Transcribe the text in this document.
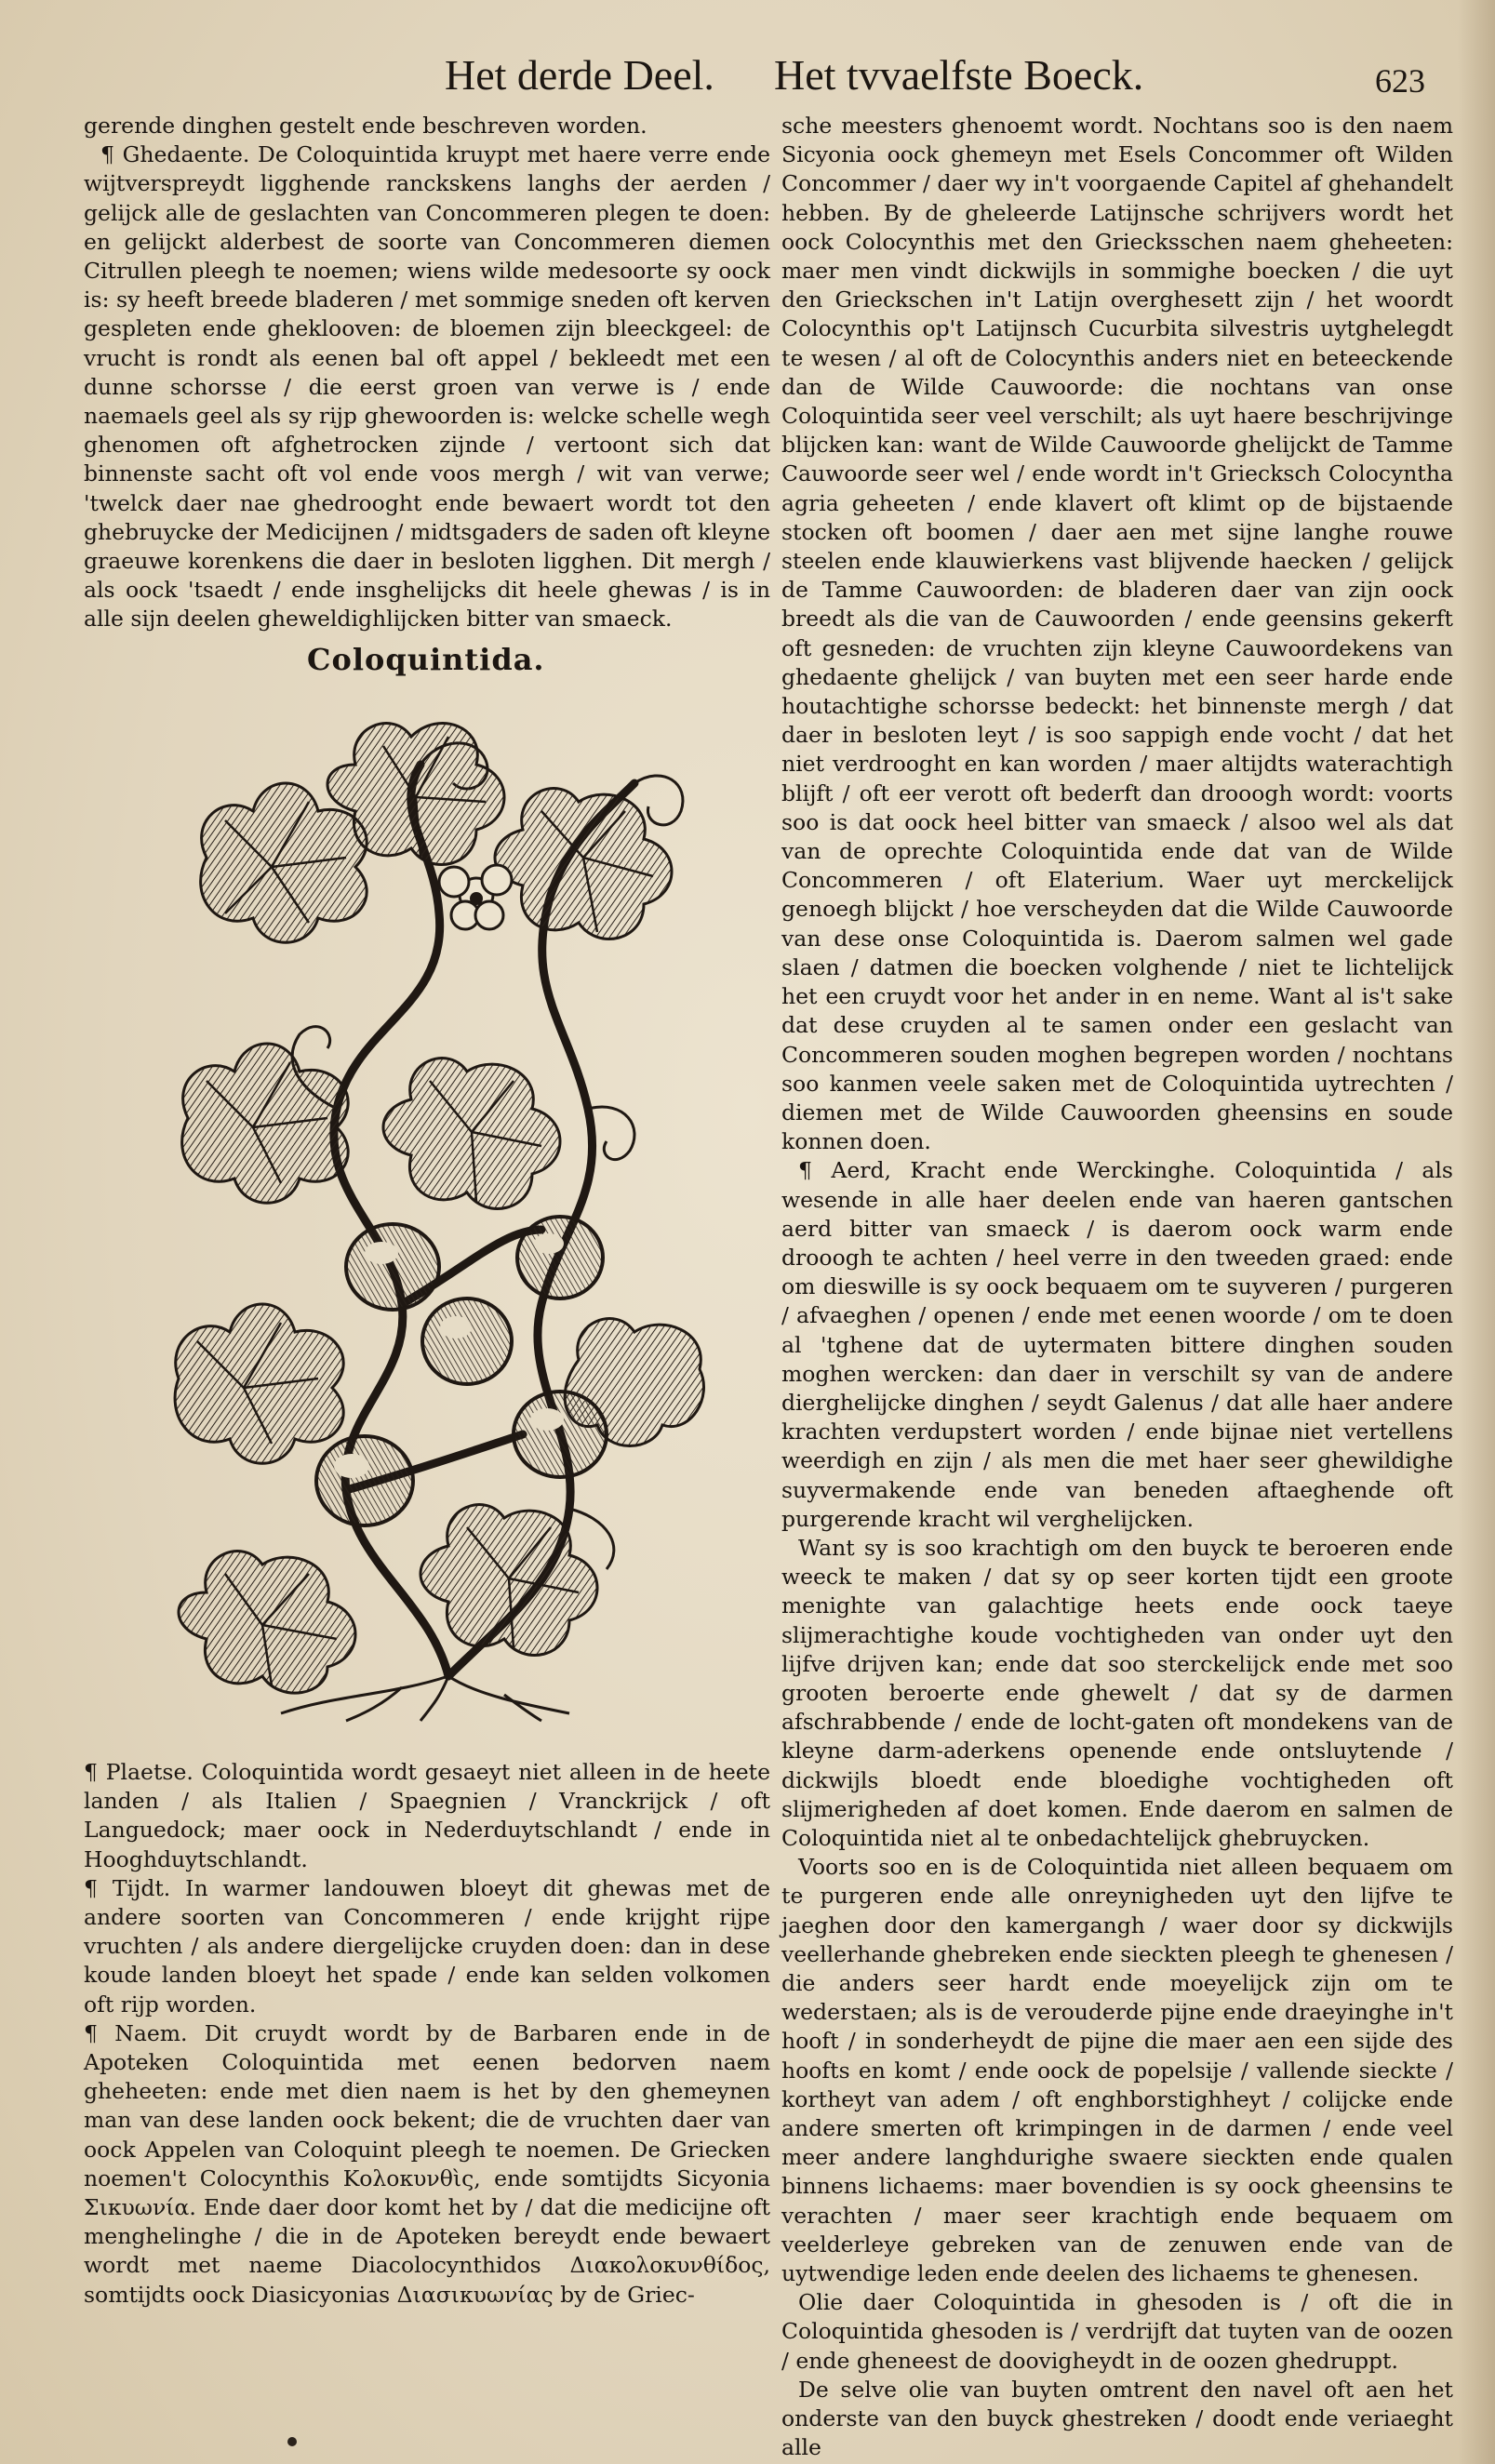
Het derde Deel. Het tvvaelfste Boeck.	623

gerende dinghen gestelt ende beschreven worden.

¶ Ghedaente. De Coloquintida kruypt met haere verre ende wijtverspreydt ligghende ranckskens langhs der aerden / gelijck alle de geslachten van Concommeren plegen te doen: en gelijckt alderbest de soorte van Concommeren diemen Citrullen pleegh te noemen; wiens wilde medesoorte sy oock is: sy heeft breede bladeren / met sommige sneden oft kerven gespleten ende gheklooven: de bloemen zijn bleeckgeel: de vrucht is rondt als eenen bal oft appel / bekleedt met een dunne schorsse / die eerst groen van verwe is / ende naemaels geel als sy rijp ghewoorden is: welcke schelle wegh ghenomen oft afghetrocken zijnde / vertoont sich dat binnenste sacht oft vol ende voos mergh / wit van verwe; 'twelck daer nae ghedrooght ende bewaert wordt tot den ghebruycke der Medicijnen / midtsgaders de saden oft kleyne graeuwe korenkens die daer in besloten ligghen. Dit mergh / als oock 'tsaedt / ende insghelijcks dit heele ghewas / is in alle sijn deelen gheweldighlijcken bitter van smaeck.

Coloquintida.

¶ Plaetse. Coloquintida wordt gesaeyt niet alleen in de heete landen / als Italien / Spaegnien / Vranckrijck / oft Languedock; maer oock in Nederduytschlandt / ende in Hooghduytschlandt.

¶ Tijdt. In warmer landouwen bloeyt dit ghewas met de andere soorten van Concommeren / ende krijght rijpe vruchten / als andere diergelijcke cruyden doen: dan in dese koude landen bloeyt het spade / ende kan selden volkomen oft rijp worden.

¶ Naem. Dit cruydt wordt by de Barbaren ende in de Apoteken Coloquintida met eenen bedorven naem gheheeten: ende met dien naem is het by den ghemeynen man van dese landen oock bekent; die de vruchten daer van oock Appelen van Coloquint pleegh te noemen. De Griecken noemen't Colocynthis Κολοκυνθὶς, ende somtijdts Sicyonia Σικυωνία. Ende daer door komt het by / dat die medicijne oft menghelinghe / die in de Apoteken bereydt ende bewaert wordt met naeme Diacolocynthidos Διακολοκυνθίδος, somtijdts oock Diasicyonias Διασικυωνίας by de Griec-

sche meesters ghenoemt wordt. Nochtans soo is den naem Sicyonia oock ghemeyn met Esels Concommer oft Wilden Concommer / daer wy in't voorgaende Capitel af ghehandelt hebben. By de gheleerde Latijnsche schrijvers wordt het oock Colocynthis met den Griecksschen naem gheheeten: maer men vindt dickwijls in sommighe boecken / die uyt den Grieckschen in't Latijn overghesett zijn / het woordt Colocynthis op't Latijnsch Cucurbita silvestris uytghelegdt te wesen / al oft de Colocynthis anders niet en beteeckende dan de Wilde Cauwoorde: die nochtans van onse Coloquintida seer veel verschilt; als uyt haere beschrijvinge blijcken kan: want de Wilde Cauwoorde ghelijckt de Tamme Cauwoorde seer wel / ende wordt in't Griecksch Colocyntha agria geheeten / ende klavert oft klimt op de bijstaende stocken oft boomen / daer aen met sijne langhe rouwe steelen ende klauwierkens vast blijvende haecken / gelijck de Tamme Cauwoorden: de bladeren daer van zijn oock breedt als die van de Cauwoorden / ende geensins gekerft oft gesneden: de vruchten zijn kleyne Cauwoordekens van ghedaente ghelijck / van buyten met een seer harde ende houtachtighe schorsse bedeckt: het binnenste mergh / dat daer in besloten leyt / is soo sappigh ende vocht / dat het niet verdrooght en kan worden / maer altijdts waterachtigh blijft / oft eer verott oft bederft dan drooogh wordt: voorts soo is dat oock heel bitter van smaeck / alsoo wel als dat van de oprechte Coloquintida ende dat van de Wilde Concommeren / oft Elaterium. Waer uyt merckelijck genoegh blijckt / hoe verscheyden dat die Wilde Cauwoorde van dese onse Coloquintida is. Daerom salmen wel gade slaen / datmen die boecken volghende / niet te lichtelijck het een cruydt voor het ander in en neme. Want al is't sake dat dese cruyden al te samen onder een geslacht van Concommeren souden moghen begrepen worden / nochtans soo kanmen veele saken met de Coloquintida uytrechten / diemen met de Wilde Cauwoorden gheensins en soude konnen doen.

¶ Aerd, Kracht ende Werckinghe. Coloquintida / als wesende in alle haer deelen ende van haeren gantschen aerd bitter van smaeck / is daerom oock warm ende drooogh te achten / heel verre in den tweeden graed: ende om dieswille is sy oock bequaem om te suyveren / purgeren / afvaeghen / openen / ende met eenen woorde / om te doen al 'tghene dat de uytermaten bittere dinghen souden moghen wercken: dan daer in verschilt sy van de andere dierghelijcke dinghen / seydt Galenus / dat alle haer andere krachten verdupstert worden / ende bijnae niet vertellens weerdigh en zijn / als men die met haer seer ghewildighe suyvermakende ende van beneden aftaeghende oft purgerende kracht wil verghelijcken.

Want sy is soo krachtigh om den buyck te beroeren ende weeck te maken / dat sy op seer korten tijdt een groote menighte van galachtige heets ende oock taeye slijmerachtighe koude vochtigheden van onder uyt den lijfve drijven kan; ende dat soo sterckelijck ende met soo grooten beroerte ende ghewelt / dat sy de darmen afschrabbende / ende de locht-gaten oft mondekens van de kleyne darm-aderkens openende ende ontsluytende / dickwijls bloedt ende bloedighe vochtigheden oft slijmerigheden af doet komen. Ende daerom en salmen de Coloquintida niet al te onbedachtelijck ghebruycken.

Voorts soo en is de Coloquintida niet alleen bequaem om te purgeren ende alle onreynigheden uyt den lijfve te jaeghen door den kamergangh / waer door sy dickwijls veellerhande ghebreken ende sieckten pleegh te ghenesen / die anders seer hardt ende moeyelijck zijn om te wederstaen; als is de verouderde pijne ende draeyinghe in't hooft / in sonderheydt de pijne die maer aen een sijde des hoofts en komt / ende oock de popelsije / vallende sieckte / kortheyt van adem / oft enghborstighheyt / colijcke ende andere smerten oft krimpingen in de darmen / ende veel meer andere langhdurighe swaere sieckten ende qualen binnens lichaems: maer bovendien is sy oock gheensins te verachten / maer seer krachtigh ende bequaem om veelderleye gebreken van de zenuwen ende van de uytwendige leden ende deelen des lichaems te ghenesen.

Olie daer Coloquintida in ghesoden is / oft die in Coloquintida ghesoden is / verdrijft dat tuyten van de oozen / ende gheneest de doovigheydt in de oozen ghedruppt.

De selve olie van buyten omtrent den navel oft aen het onderste van den buyck ghestreken / doodt ende veriaeght alle
